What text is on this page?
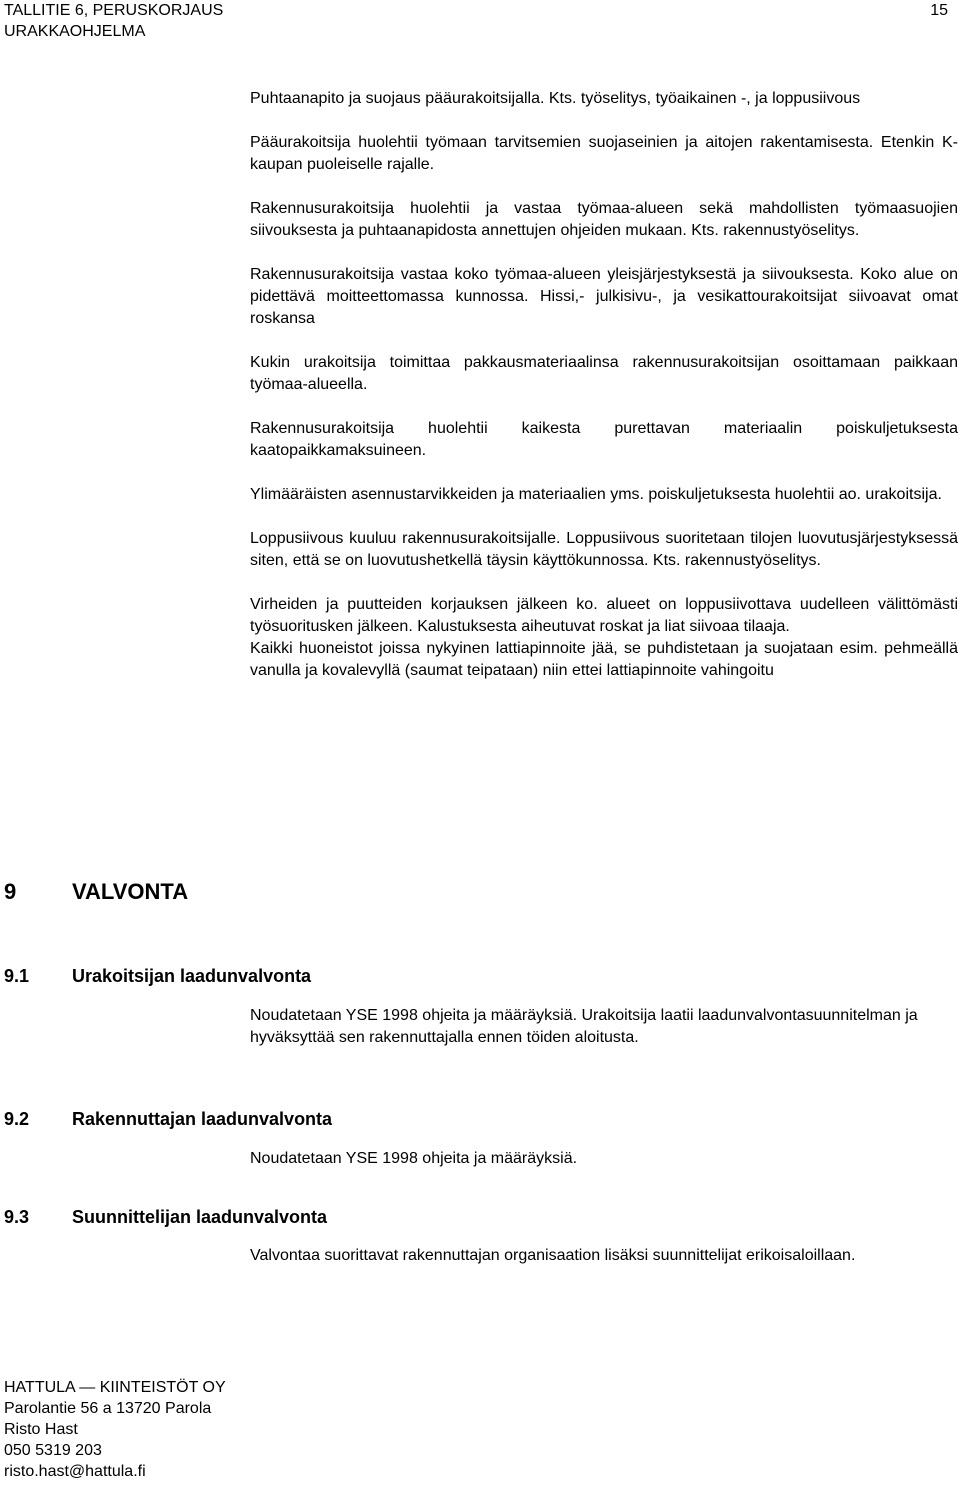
TALLITIE 6, PERUSKORJAUS
URAKKAOHJELMA
15

Puhtaanapito ja suojaus pääurakoitsijalla. Kts. työselitys, työaikainen -, ja loppusiivous

Pääurakoitsija huolehtii työmaan tarvitsemien suojaseinien ja aitojen rakentamisesta. Etenkin K-kaupan puoleiselle rajalle.

Rakennusurakoitsija huolehtii ja vastaa työmaa-alueen sekä mahdollisten työmaasuojien siivouksesta ja puhtaanapidosta annettujen ohjeiden mukaan. Kts. rakennustyöselitys.

Rakennusurakoitsija vastaa koko työmaa-alueen yleisjärjestyksestä ja siivouksesta. Koko alue on pidettävä moitteettomassa kunnossa. Hissi,- julkisivu-, ja vesikattourakoitsijat siivoavat omat roskansa

Kukin urakoitsija toimittaa pakkausmateriaalinsa rakennusurakoitsijan osoittamaan paikkaan työmaa-alueella.

Rakennusurakoitsija huolehtii kaikesta purettavan materiaalin poiskuljetuksesta kaatopaikkamaksuineen.

Ylimääräisten asennustarvikkeiden ja materiaalien yms. poiskuljetuksesta huolehtii ao. urakoitsija.

Loppusiivous kuuluu rakennusurakoitsijalle. Loppusiivous suoritetaan tilojen luovutusjärjestyksessä siten, että se on luovutushetkellä täysin käyttökunnossa. Kts. rakennustyöselitys.

Virheiden ja puutteiden korjauksen jälkeen ko. alueet on loppusiivottava uudelleen välittömästi työsuoritusken jälkeen. Kalustuksesta aiheutuvat roskat ja liat siivoaa tilaaja.

Kaikki huoneistot joissa nykyinen lattiapinnoite jää, se puhdistetaan ja suojataan esim. pehmeällä vanulla ja kovalevyllä (saumat teipataan) niin ettei lattiapinnoite vahingoitu

9	VALVONTA
9.1 Urakoitsijan laadunvalvonta

Noudatetaan YSE 1998 ohjeita ja määräyksiä. Urakoitsija laatii laadunvalvontasuunnitelman ja hyväksyttää sen rakennuttajalla ennen töiden aloitusta.

9.2 Rakennuttajan laadunvalvonta

Noudatetaan YSE 1998 ohjeita ja määräyksiä.

9.3 Suunnittelijan laadunvalvonta

Valvontaa suorittavat rakennuttajan organisaation lisäksi suunnittelijat erikoisaloillaan.

HATTULA — KIINTEISTÖT OY
Parolantie 56 a 13720 Parola
Risto Hast
050 5319 203
risto.hast@hattula.fi
